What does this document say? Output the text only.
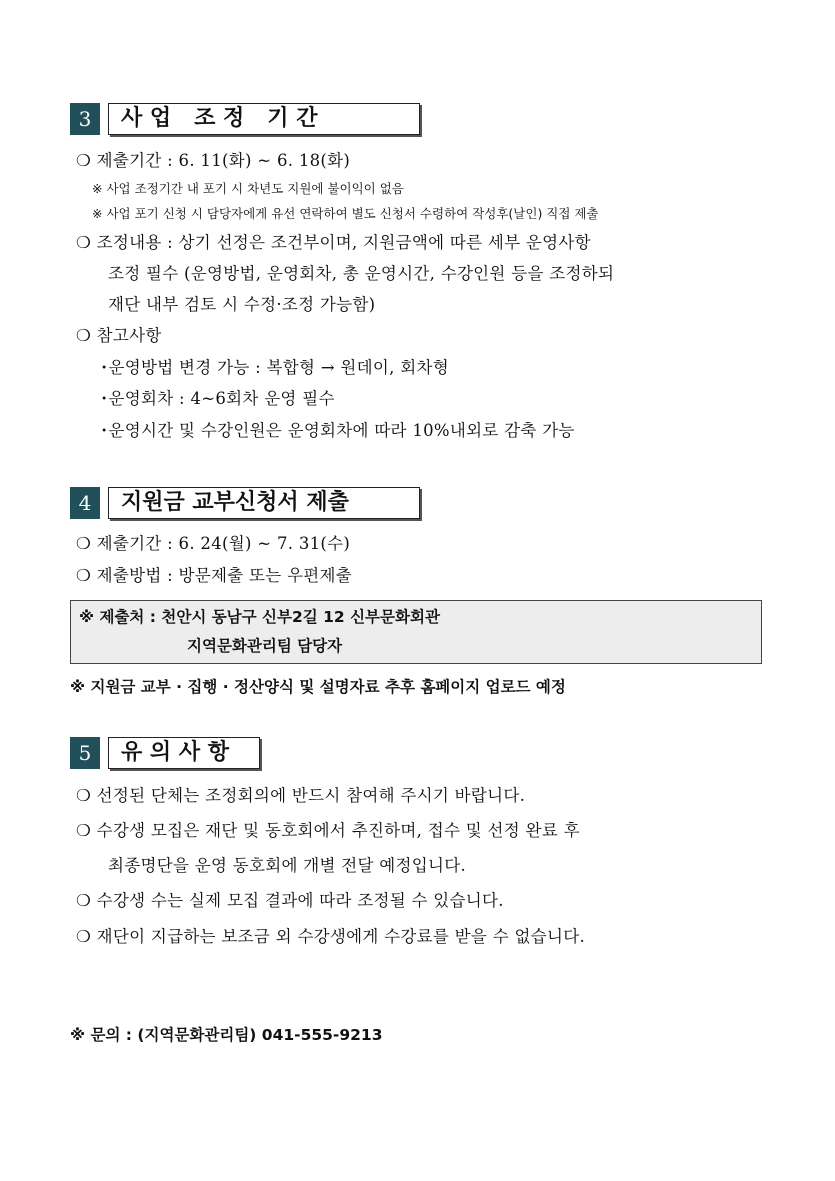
3	사 업   조 정   기 간
❍ 제출기간 : 6. 11(화) ~ 6. 18(화)
※ 사업 조정기간 내 포기 시 차년도 지원에 불이익이 없음
※ 사업 포기 신청 시 담당자에게 유선 연락하여 별도 신청서 수령하여 작성후(날인) 직접 제출
❍ 조정내용 : 상기 선정은 조건부이며, 지원금액에 따른 세부 운영사항
조정 필수 (운영방법, 운영회차, 총 운영시간, 수강인원 등을 조정하되
재단 내부 검토 시 수정·조정 가능함)
❍ 참고사항
･운영방법 변경 가능 : 복합형 → 원데이, 회차형
･운영회차 : 4~6회차 운영 필수
･운영시간 및 수강인원은 운영회차에 따라 10%내외로 감축 가능
4	지원금 교부신청서 제출
❍ 제출기간 : 6. 24(월) ~ 7. 31(수)
❍ 제출방법 : 방문제출 또는 우편제출
※ 제출처 : 천안시 동남구 신부2길 12 신부문화회관
지역문화관리팀 담당자
※ 지원금 교부 · 집행 · 정산양식 및 설명자료 추후 홈페이지 업로드 예정
5	유 의 사 항
❍ 선정된 단체는 조정회의에 반드시 참여해 주시기 바랍니다.
❍ 수강생 모집은 재단 및 동호회에서 추진하며, 접수 및 선정 완료 후
최종명단을 운영 동호회에 개별 전달 예정입니다.
❍ 수강생 수는 실제 모집 결과에 따라 조정될 수 있습니다.
❍ 재단이 지급하는 보조금 외 수강생에게 수강료를 받을 수 없습니다.
※ 문의 : (지역문화관리팀) 041-555-9213
